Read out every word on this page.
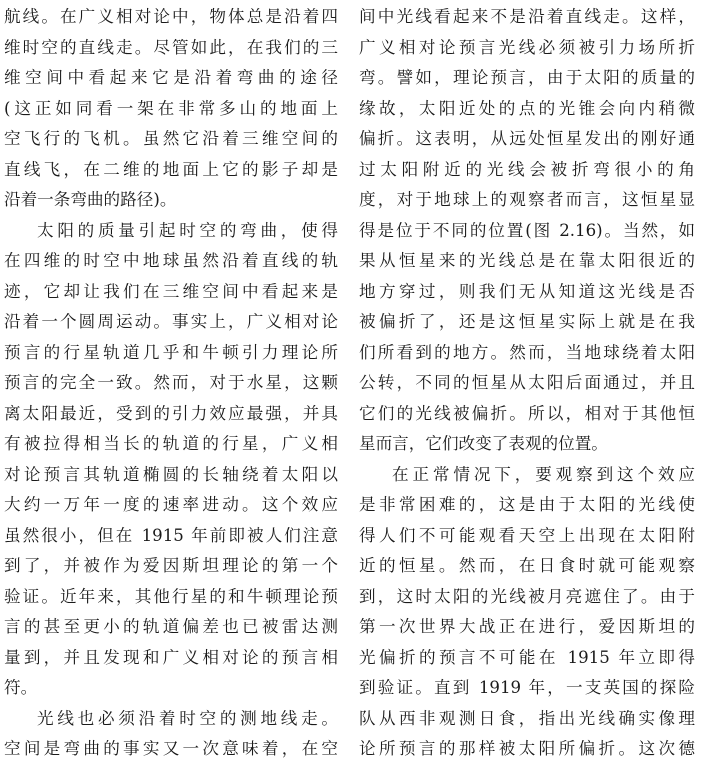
航线。在广义相对论中，物体总是沿着四
维时空的直线走。尽管如此，在我们的三
维空间中看起来它是沿着弯曲的途径
(这正如同看一架在非常多山的地面上
空飞行的飞机。虽然它沿着三维空间的
直线飞，在二维的地面上它的影子却是
沿着一条弯曲的路径)。
太阳的质量引起时空的弯曲，使得
在四维的时空中地球虽然沿着直线的轨
迹，它却让我们在三维空间中看起来是
沿着一个圆周运动。事实上，广义相对论
预言的行星轨道几乎和牛顿引力理论所
预言的完全一致。然而，对于水星，这颗
离太阳最近，受到的引力效应最强，并具
有被拉得相当长的轨道的行星，广义相
对论预言其轨道椭圆的长轴绕着太阳以
大约一万年一度的速率进动。这个效应
虽然很小，但在 1915 年前即被人们注意
到了，并被作为爱因斯坦理论的第一个
验证。近年来，其他行星的和牛顿理论预
言的甚至更小的轨道偏差也已被雷达测
量到，并且发现和广义相对论的预言相
符。
光线也必须沿着时空的测地线走。
空间是弯曲的事实又一次意味着，在空
间中光线看起来不是沿着直线走。这样，
广义相对论预言光线必须被引力场所折
弯。譬如，理论预言，由于太阳的质量的
缘故，太阳近处的点的光锥会向内稍微
偏折。这表明，从远处恒星发出的刚好通
过太阳附近的光线会被折弯很小的角
度，对于地球上的观察者而言，这恒星显
得是位于不同的位置(图 2.16)。当然，如
果从恒星来的光线总是在靠太阳很近的
地方穿过，则我们无从知道这光线是否
被偏折了，还是这恒星实际上就是在我
们所看到的地方。然而，当地球绕着太阳
公转，不同的恒星从太阳后面通过，并且
它们的光线被偏折。所以，相对于其他恒
星而言，它们改变了表观的位置。
在正常情况下，要观察到这个效应
是非常困难的，这是由于太阳的光线使
得人们不可能观看天空上出现在太阳附
近的恒星。然而，在日食时就可能观察
到，这时太阳的光线被月亮遮住了。由于
第一次世界大战正在进行，爱因斯坦的
光偏折的预言不可能在 1915 年立即得
到验证。直到 1919 年，一支英国的探险
队从西非观测日食，指出光线确实像理
论所预言的那样被太阳所偏折。这次德
